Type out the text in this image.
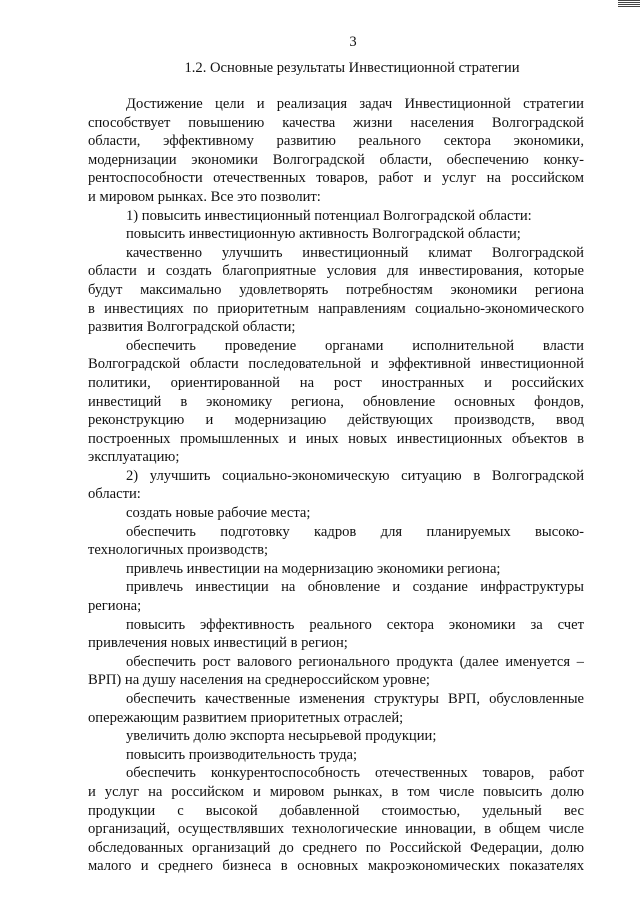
3
1.2. Основные результаты Инвестиционной стратегии
Достижение цели и реализация задач Инвестиционной стратегии
способствует повышению качества жизни населения Волгоградской
области, эффективному развитию реального сектора экономики,
модернизации экономики Волгоградской области, обеспечению конку-
рентоспособности отечественных товаров, работ и услуг на российском
и мировом рынках. Все это позволит:
1) повысить инвестиционный потенциал Волгоградской области:
повысить инвестиционную активность Волгоградской области;
качественно улучшить инвестиционный климат Волгоградской
области и создать благоприятные условия для инвестирования, которые
будут максимально удовлетворять потребностям экономики региона
в инвестициях по приоритетным направлениям социально-экономического
развития Волгоградской области;
обеспечить проведение органами исполнительной власти
Волгоградской области последовательной и эффективной инвестиционной
политики, ориентированной на рост иностранных и российских
инвестиций в экономику региона, обновление основных фондов,
реконструкцию и модернизацию действующих производств, ввод
построенных промышленных и иных новых инвестиционных объектов в
эксплуатацию;
2) улучшить социально-экономическую ситуацию в Волгоградской
области:
создать новые рабочие места;
обеспечить подготовку кадров для планируемых высоко-
технологичных производств;
привлечь инвестиции на модернизацию экономики региона;
привлечь инвестиции на обновление и создание инфраструктуры
региона;
повысить эффективность реального сектора экономики за счет
привлечения новых инвестиций в регион;
обеспечить рост валового регионального продукта (далее именуется –
ВРП) на душу населения на среднероссийском уровне;
обеспечить качественные изменения структуры ВРП, обусловленные
опережающим развитием приоритетных отраслей;
увеличить долю экспорта несырьевой продукции;
повысить производительность труда;
обеспечить конкурентоспособность отечественных товаров, работ
и услуг на российском и мировом рынках, в том числе повысить долю
продукции с высокой добавленной стоимостью, удельный вес
организаций, осуществлявших технологические инновации, в общем числе
обследованных организаций до среднего по Российской Федерации, долю
малого и среднего бизнеса в основных макроэкономических показателях
